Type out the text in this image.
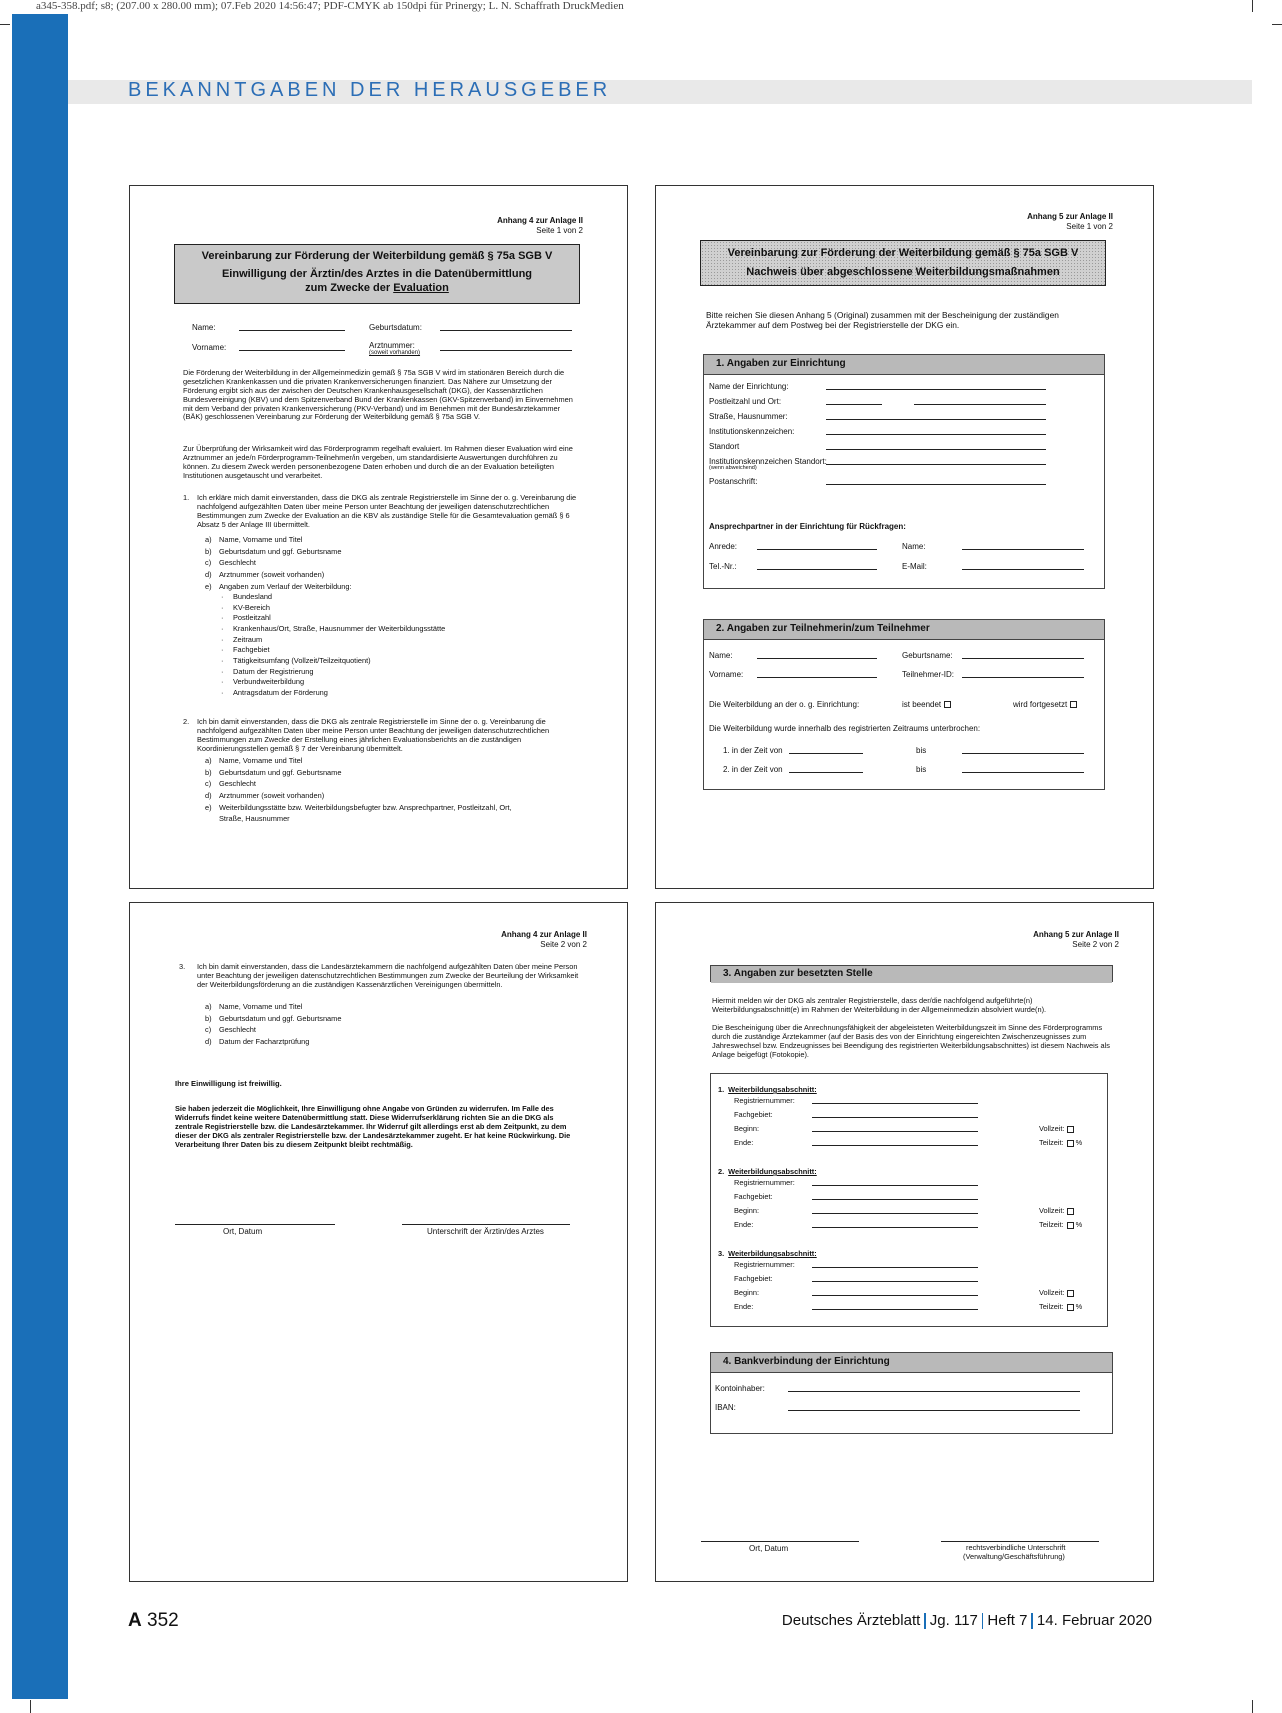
a345-358.pdf; s8; (207.00 x 280.00 mm); 07.Feb 2020 14:56:47; PDF-CMYK ab 150dpi für Prinergy; L. N. Schaffrath DruckMedien
BEKANNTGABEN DER HERAUSGEBER
Anhang 4 zur Anlage II
Seite 1 von 2
Vereinbarung zur Förderung der Weiterbildung gemäß § 75a SGB V
Einwilligung der Ärztin/des Arztes in die Datenübermittlung
zum Zwecke der Evaluation
Name:	Geburtsdatum:
Vorname:	Arztnummer:
(soweit vorhanden)
Die Förderung der Weiterbildung in der Allgemeinmedizin gemäß § 75a SGB V wird im stationären Bereich durch die gesetzlichen Krankenkassen und die privaten Krankenversicherungen finanziert. Das Nähere zur Umsetzung der Förderung ergibt sich aus der zwischen der Deutschen Krankenhausgesellschaft (DKG), der Kassenärztlichen Bundesvereinigung (KBV) und dem Spitzenverband Bund der Krankenkassen (GKV-Spitzenverband) im Einvernehmen mit dem Verband der privaten Krankenversicherung (PKV-Verband) und im Benehmen mit der Bundesärztekammer (BÄK) geschlossenen Vereinbarung zur Förderung der Weiterbildung gemäß § 75a SGB V.
Zur Überprüfung der Wirksamkeit wird das Förderprogramm regelhaft evaluiert. Im Rahmen dieser Evaluation wird eine Arztnummer an jede/n Förderprogramm-Teilnehmer/in vergeben, um standardisierte Auswertungen durchführen zu können. Zu diesem Zweck werden personenbezogene Daten erhoben und durch die an der Evaluation beteiligten Institutionen ausgetauscht und verarbeitet.
1. Ich erkläre mich damit einverstanden, dass die DKG als zentrale Registrierstelle im Sinne der o. g. Vereinbarung die nachfolgend aufgezählten Daten über meine Person unter Beachtung der jeweiligen datenschutzrechtlichen Bestimmungen zum Zwecke der Evaluation an die KBV als zuständige Stelle für die Gesamtevaluation gemäß § 6 Absatz 5 der Anlage III übermittelt.
a) Name, Vorname und Titel
b) Geburtsdatum und ggf. Geburtsname
c) Geschlecht
d) Arztnummer (soweit vorhanden)
e) Angaben zum Verlauf der Weiterbildung:
· Bundesland
· KV-Bereich
· Postleitzahl
· Krankenhaus/Ort, Straße, Hausnummer der Weiterbildungsstätte
· Zeitraum
· Fachgebiet
· Tätigkeitsumfang (Vollzeit/Teilzeitquotient)
· Datum der Registrierung
· Verbundweiterbildung
· Antragsdatum der Förderung
2. Ich bin damit einverstanden, dass die DKG als zentrale Registrierstelle im Sinne der o. g. Vereinbarung die nachfolgend aufgezählten Daten über meine Person unter Beachtung der jeweiligen datenschutzrechtlichen Bestimmungen zum Zwecke der Erstellung eines jährlichen Evaluationsberichts an die zuständigen Koordinierungsstellen gemäß § 7 der Vereinbarung übermittelt.
a) Name, Vorname und Titel
b) Geburtsdatum und ggf. Geburtsname
c) Geschlecht
d) Arztnummer (soweit vorhanden)
e) Weiterbildungsstätte bzw. Weiterbildungsbefugter bzw. Ansprechpartner, Postleitzahl, Ort,
Straße, Hausnummer
Anhang 5 zur Anlage II
Seite 1 von 2
Vereinbarung zur Förderung der Weiterbildung gemäß § 75a SGB V
Nachweis über abgeschlossene Weiterbildungsmaßnahmen
Bitte reichen Sie diesen Anhang 5 (Original) zusammen mit der Bescheinigung der zuständigen Ärztekammer auf dem Postweg bei der Registrierstelle der DKG ein.
1. Angaben zur Einrichtung
Ansprechpartner in der Einrichtung für Rückfragen:
Anrede:	Name:
Tel.-Nr.:	E-Mail:
2. Angaben zur Teilnehmerin/zum Teilnehmer
Name:	Geburtsname:
Vorname:	Teilnehmer-ID:
Die Weiterbildung an der o. g. Einrichtung:	ist beendet	wird fortgesetzt
Die Weiterbildung wurde innerhalb des registrierten Zeitraums unterbrochen:
1. in der Zeit von	bis
2. in der Zeit von	bis
Name der Einrichtung:
Postleitzahl und Ort:
Straße, Hausnummer:
Institutionskennzeichen:
Standort
Institutionskennzeichen Standort:
(wenn abweichend)
Postanschrift:
Anhang 4 zur Anlage II
Seite 2 von 2
3. Ich bin damit einverstanden, dass die Landesärztekammern die nachfolgend aufgezählten Daten über meine Person unter Beachtung der jeweiligen datenschutzrechtlichen Bestimmungen zum Zwecke der Beurteilung der Wirksamkeit der Weiterbildungsförderung an die zuständigen Kassenärztlichen Vereinigungen übermitteln.
a) Name, Vorname und Titel
b) Geburtsdatum und ggf. Geburtsname
c) Geschlecht
d) Datum der Facharztprüfung
Ihre Einwilligung ist freiwillig.
Sie haben jederzeit die Möglichkeit, Ihre Einwilligung ohne Angabe von Gründen zu widerrufen. Im Falle des Widerrufs findet keine weitere Datenübermittlung statt. Diese Widerrufserklärung richten Sie an die DKG als zentrale Registrierstelle bzw. die Landesärztekammer. Ihr Widerruf gilt allerdings erst ab dem Zeitpunkt, zu dem dieser der DKG als zentraler Registrierstelle bzw. der Landesärztekammer zugeht. Er hat keine Rückwirkung. Die Verarbeitung Ihrer Daten bis zu diesem Zeitpunkt bleibt rechtmäßig.
Ort, Datum	Unterschrift der Ärztin/des Arztes
Anhang 5 zur Anlage II
Seite 2 von 2
3. Angaben zur besetzten Stelle
Hiermit melden wir der DKG als zentraler Registrierstelle, dass der/die nachfolgend aufgeführte(n) Weiterbildungsabschnitt(e) im Rahmen der Weiterbildung in der Allgemeinmedizin absolviert wurde(n).
Die Bescheinigung über die Anrechnungsfähigkeit der abgeleisteten Weiterbildungszeit im Sinne des Förderprogramms durch die zuständige Ärztekammer (auf der Basis des von der Einrichtung eingereichten Zwischenzeugnisses zum Jahreswechsel bzw. Endzeugnisses bei Beendigung des registrierten Weiterbildungsabschnittes) ist diesem Nachweis als Anlage beigefügt (Fotokopie).
4. Bankverbindung der Einrichtung
Kontoinhaber:
IBAN:
Ort, Datum	rechtsverbindliche Unterschrift
(Verwaltung/Geschäftsführung)
1. Weiterbildungsabschnitt:
Registriernummer:
Fachgebiet:
Beginn:
Ende:
Vollzeit:
Teilzeit: %
2. Weiterbildungsabschnitt:
Registriernummer:
Fachgebiet:
Beginn:
Ende:
Vollzeit:
Teilzeit: %
3. Weiterbildungsabschnitt:
Registriernummer:
Fachgebiet:
Beginn:
Ende:
Vollzeit:
Teilzeit: %
A 352	Deutsches Ärzteblatt Jg. 117 Heft 7 14. Februar 2020
